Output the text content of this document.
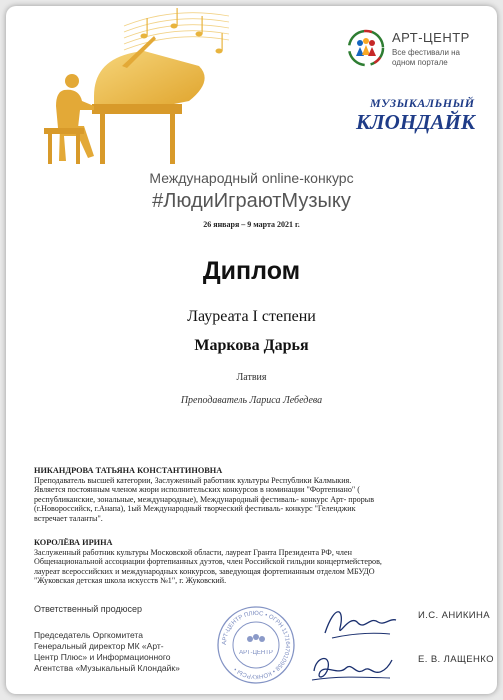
АРТ-ЦЕНТР
Все фестивали на одном портале
МУЗЫКАЛЬНЫЙ
КЛОНДАЙК
Международный online-конкурс
#ЛюдиИграютМузыку
26 января – 9 марта 2021 г.
Диплом
Лауреата I степени
Маркова Дарья
Латвия
Преподаватель Лариса Лебедева
НИКАНДРОВА ТАТЬЯНА КОНСТАНТИНОВНА
Преподаватель высшей категории, Заслуженный работник культуры Республики Калмыкия. Является постоянным членом жюри исполнительских конкурсов в номинации "Фортепиано" ( республиканские, зональные, международные), Международный фестиваль- конкурс Арт- прорыв (г.Новороссийск, г.Анапа), 1ый Международный творческий фестиваль- конкурс "Геленджик встречает таланты".
КОРОЛЁВА ИРИНА
Заслуженный работник культуры Московской области, лауреат Гранта Президента РФ, член Общенациональной ассоциации фортепианных дуэтов, член Российской гильдии концертмейстеров, лауреат всероссийских и международных конкурсов, заведующая фортепианным отделом МБУДО "Жуковская детская школа искусств №1", г. Жуковский.
Ответственный продюсер
Председатель Оргкомитета Генеральный директор МК «Арт-Центр Плюс» и Информационного Агентства «Музыкальный Клондайк»
АРТ-ЦЕНТР ПЛЮС • ОГРН 1171647010958 • КОНКУРСЫ •
АРТ-ЦЕНТР
И.С. АНИКИНА
Е. В. ЛАЩЕНКО
